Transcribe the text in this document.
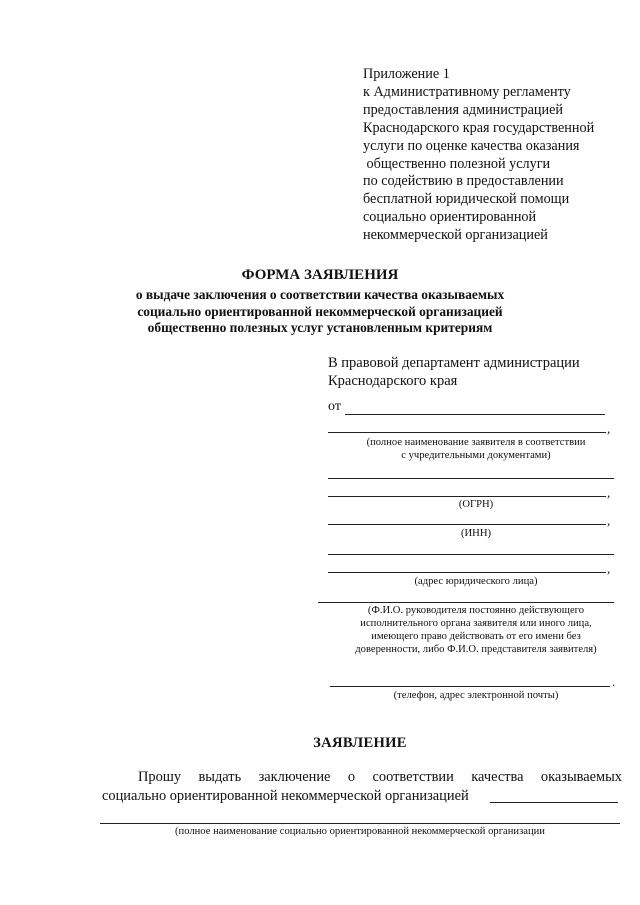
Приложение 1
к Административному регламенту
предоставления администрацией
Краснодарского края государственной
услуги по оценке качества оказания
общественно полезной услуги
по содействию в предоставлении
бесплатной юридической помощи
социально ориентированной
некоммерческой организацией
ФОРМА ЗАЯВЛЕНИЯ
о выдаче заключения о соответствии качества оказываемых
социально ориентированной некоммерческой организацией
общественно полезных услуг установленным критериям
В правовой департамент администрации
Краснодарского края
от
,
(полное наименование заявителя в соответствии
с учредительными документами)
,
(ОГРН)
,
(ИНН)
,
(адрес юридического лица)
(Ф.И.О. руководителя постоянно действующего
исполнительного органа заявителя или иного лица,
имеющего право действовать от его имени без
доверенности, либо Ф.И.О. представителя заявителя)
.
(телефон, адрес электронной почты)
ЗАЯВЛЕНИЕ
Прошу выдать заключение о соответствии качества оказываемых
социально ориентированной некоммерческой организацией
(полное наименование социально ориентированной некоммерческой организации
